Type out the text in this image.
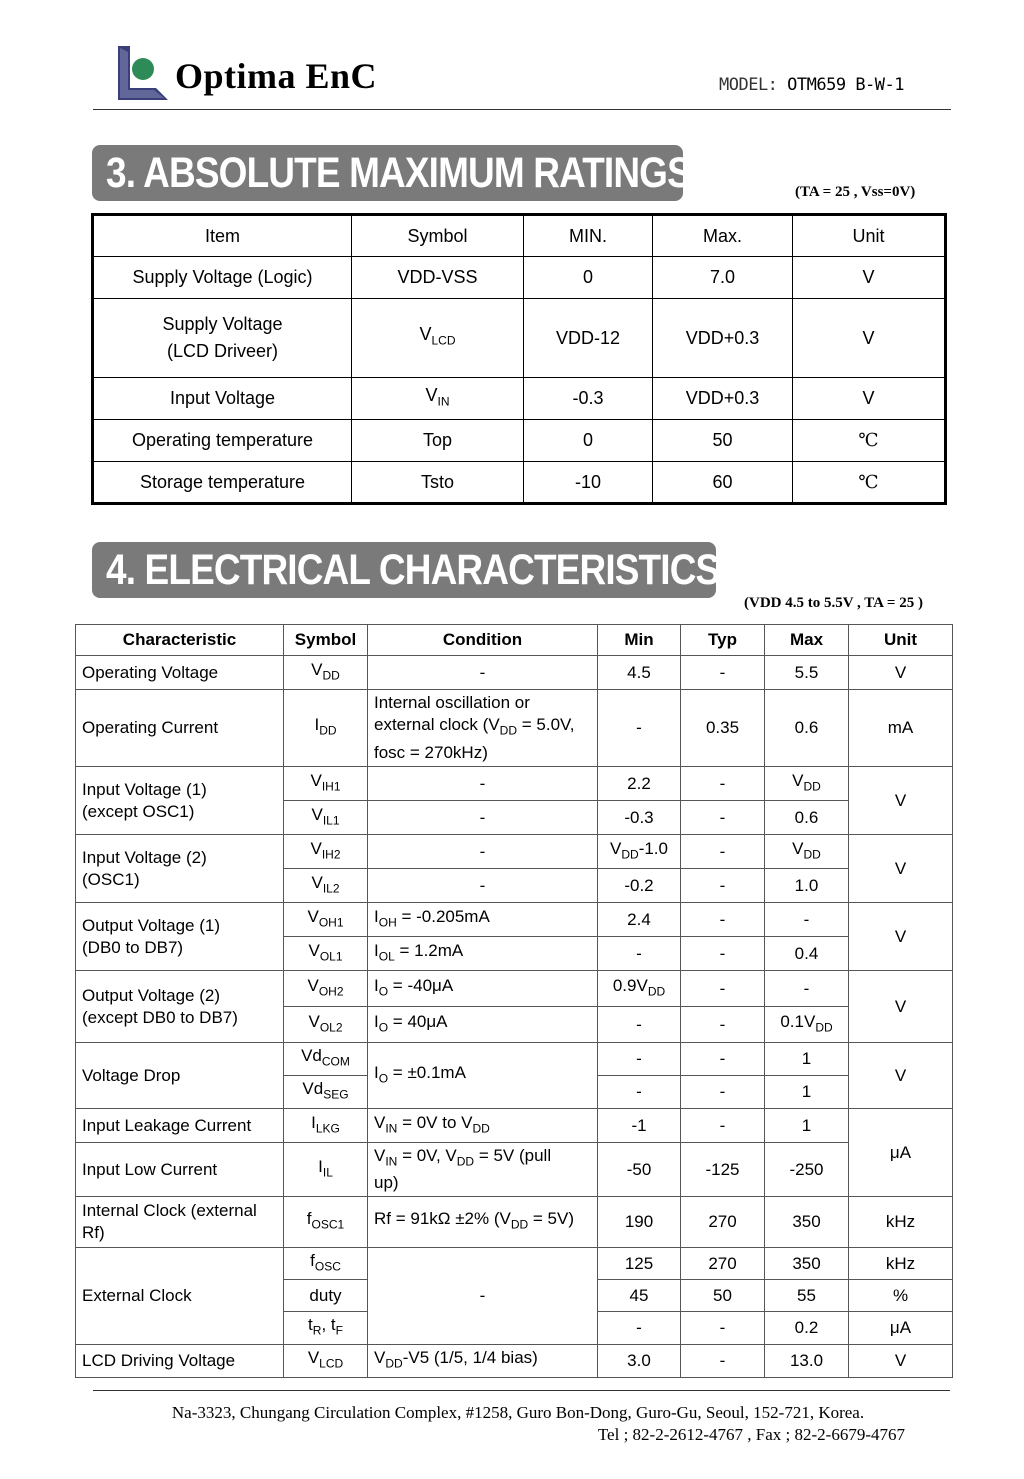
Optima EnC	MODEL: OTM659 B-W-1
3. ABSOLUTE MAXIMUM RATINGS	(TA = 25 , Vss=0V)
Item	Symbol	MIN.	Max.	Unit
Supply Voltage (Logic)	VDD-VSS	0	7.0	V
Supply Voltage
(LCD Driveer)	$V_{LCD}$	VDD-12	VDD+0.3	V
Input Voltage	$V_{IN}$	-0.3	VDD+0.3	V
Operating temperature	Top	0	50	℃
Storage temperature	Tsto	-10	60	℃
4. ELECTRICAL CHARACTERISTICS
(VDD 4.5 to 5.5V , TA = 25 )
Characteristic	Symbol	Condition	Min	Typ	Max	Unit
Operating Voltage	$V_{DD}$	-	4.5	-	5.5	V
Operating Current	$I_{DD}$	Internal oscillation or
external clock ($V_{DD} = 5.0V$,
fosc = 270kHz)	-	0.35	0.6	mA
Input Voltage (1)
(except OSC1)	$V_{IH1}$	-	2.2	-	$V_{DD}$	V
	$V_{IL1}$	-	-0.3	-	0.6	
Input Voltage (2)
(OSC1)	$V_{IH2}$	-	$V_{DD}-1.0$	-	$V_{DD}$	V
	$V_{IL2}$	-	-0.2	-	1.0	
Output Voltage (1)
(DB0 to DB7)	$V_{OH1}$	$I_{OH} = -0.205mA$	2.4	-	-	V
	$V_{OL1}$	$I_{OL} = 1.2mA$	-	-	0.4	
Output Voltage (2)
(except DB0 to DB7)	$V_{OH2}$	$I_O = -40\mu A$	$0.9V_{DD}$	-	-	V
	$V_{OL2}$	$I_O = 40\mu A$	-	-	$0.1V_{DD}$
Voltage Drop	$Vd_{COM}$	$I_O = \pm 0.1mA$	-	-	1	V
	$Vd_{SEG}$		-	-	1	
Input Leakage Current	$I_{LKG}$	$V_{IN} = 0V$ to $V_{DD}$	-1	-	1	μA
Input Low Current	$I_{IL}$	$V_{IN} = 0V$, $V_{DD} = 5V$ (pull
up)	-50	-125	-250	
Internal Clock (external
Rf)	$f_{OSC1}$	Rf = 91kΩ ±2% $(V_{DD} = 5V)$	190	270	350	kHz
External Clock	$f_{OSC}$	-	125	270	350	kHz
	duty		45	50	55	%
	$t_R$, $t_F$		-	-	0.2	μA
LCD Driving Voltage	$V_{LCD}$	$V_{DD}-V5$ (1/5, 1/4 bias)	3.0	-	13.0	V
Na-3323, Chungang Circulation Complex, #1258, Guro Bon-Dong, Guro-Gu, Seoul, 152-721, Korea.
Tel ; 82-2-2612-4767 , Fax ; 82-2-6679-4767
